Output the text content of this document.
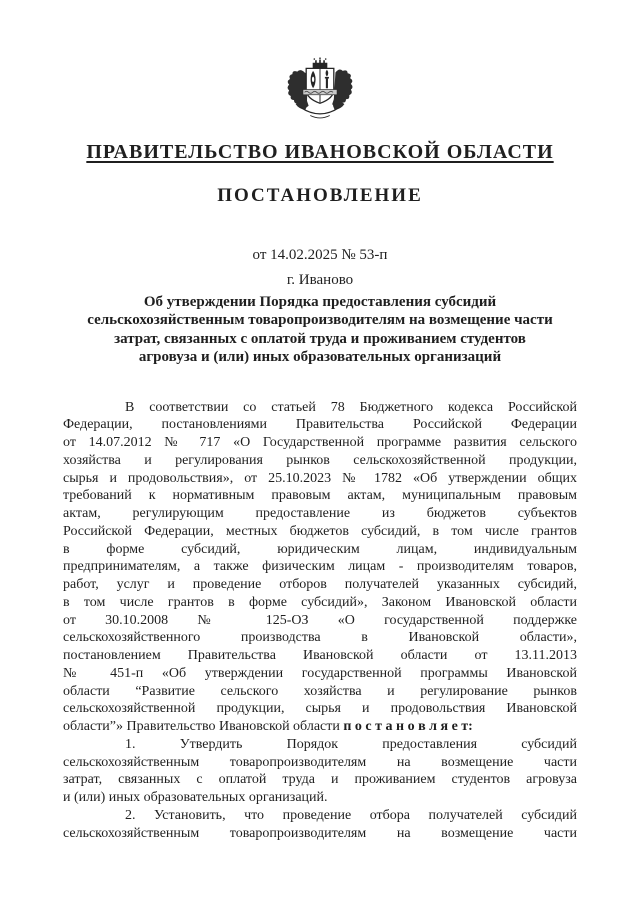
ПРАВИТЕЛЬСТВО ИВАНОВСКОЙ ОБЛАСТИ
ПОСТАНОВЛЕНИЕ
от 14.02.2025 № 53-п
г. Иваново
Об утверждении Порядка предоставления субсидий
сельскохозяйственным товаропроизводителям на возмещение части
затрат, связанных с оплатой труда и проживанием студентов
агровуза и (или) иных образовательных организаций
В соответствии со статьей 78 Бюджетного кодекса Российской
Федерации, постановлениями Правительства Российской Федерации
от 14.07.2012 № 717 «О Государственной программе развития сельского
хозяйства и регулирования рынков сельскохозяйственной продукции,
сырья и продовольствия», от 25.10.2023 № 1782 «Об утверждении общих
требований к нормативным правовым актам, муниципальным правовым
актам, регулирующим предоставление из бюджетов субъектов
Российской Федерации, местных бюджетов субсидий, в том числе грантов
в форме субсидий, юридическим лицам, индивидуальным
предпринимателям, а также физическим лицам - производителям товаров,
работ, услуг и проведение отборов получателей указанных субсидий,
в том числе грантов в форме субсидий», Законом Ивановской области
от 30.10.2008 № 125-ОЗ «О государственной поддержке
сельскохозяйственного производства в Ивановской области»,
постановлением Правительства Ивановской области от 13.11.2013
№ 451-п «Об утверждении государственной программы Ивановской
области “Развитие сельского хозяйства и регулирование рынков
сельскохозяйственной продукции, сырья и продовольствия Ивановской
области”» Правительство Ивановской области п о с т а н о в л я е т:
1. Утвердить Порядок предоставления субсидий
сельскохозяйственным товаропроизводителям на возмещение части
затрат, связанных с оплатой труда и проживанием студентов агровуза
и (или) иных образовательных организаций.
2. Установить, что проведение отбора получателей субсидий
сельскохозяйственным товаропроизводителям на возмещение части
